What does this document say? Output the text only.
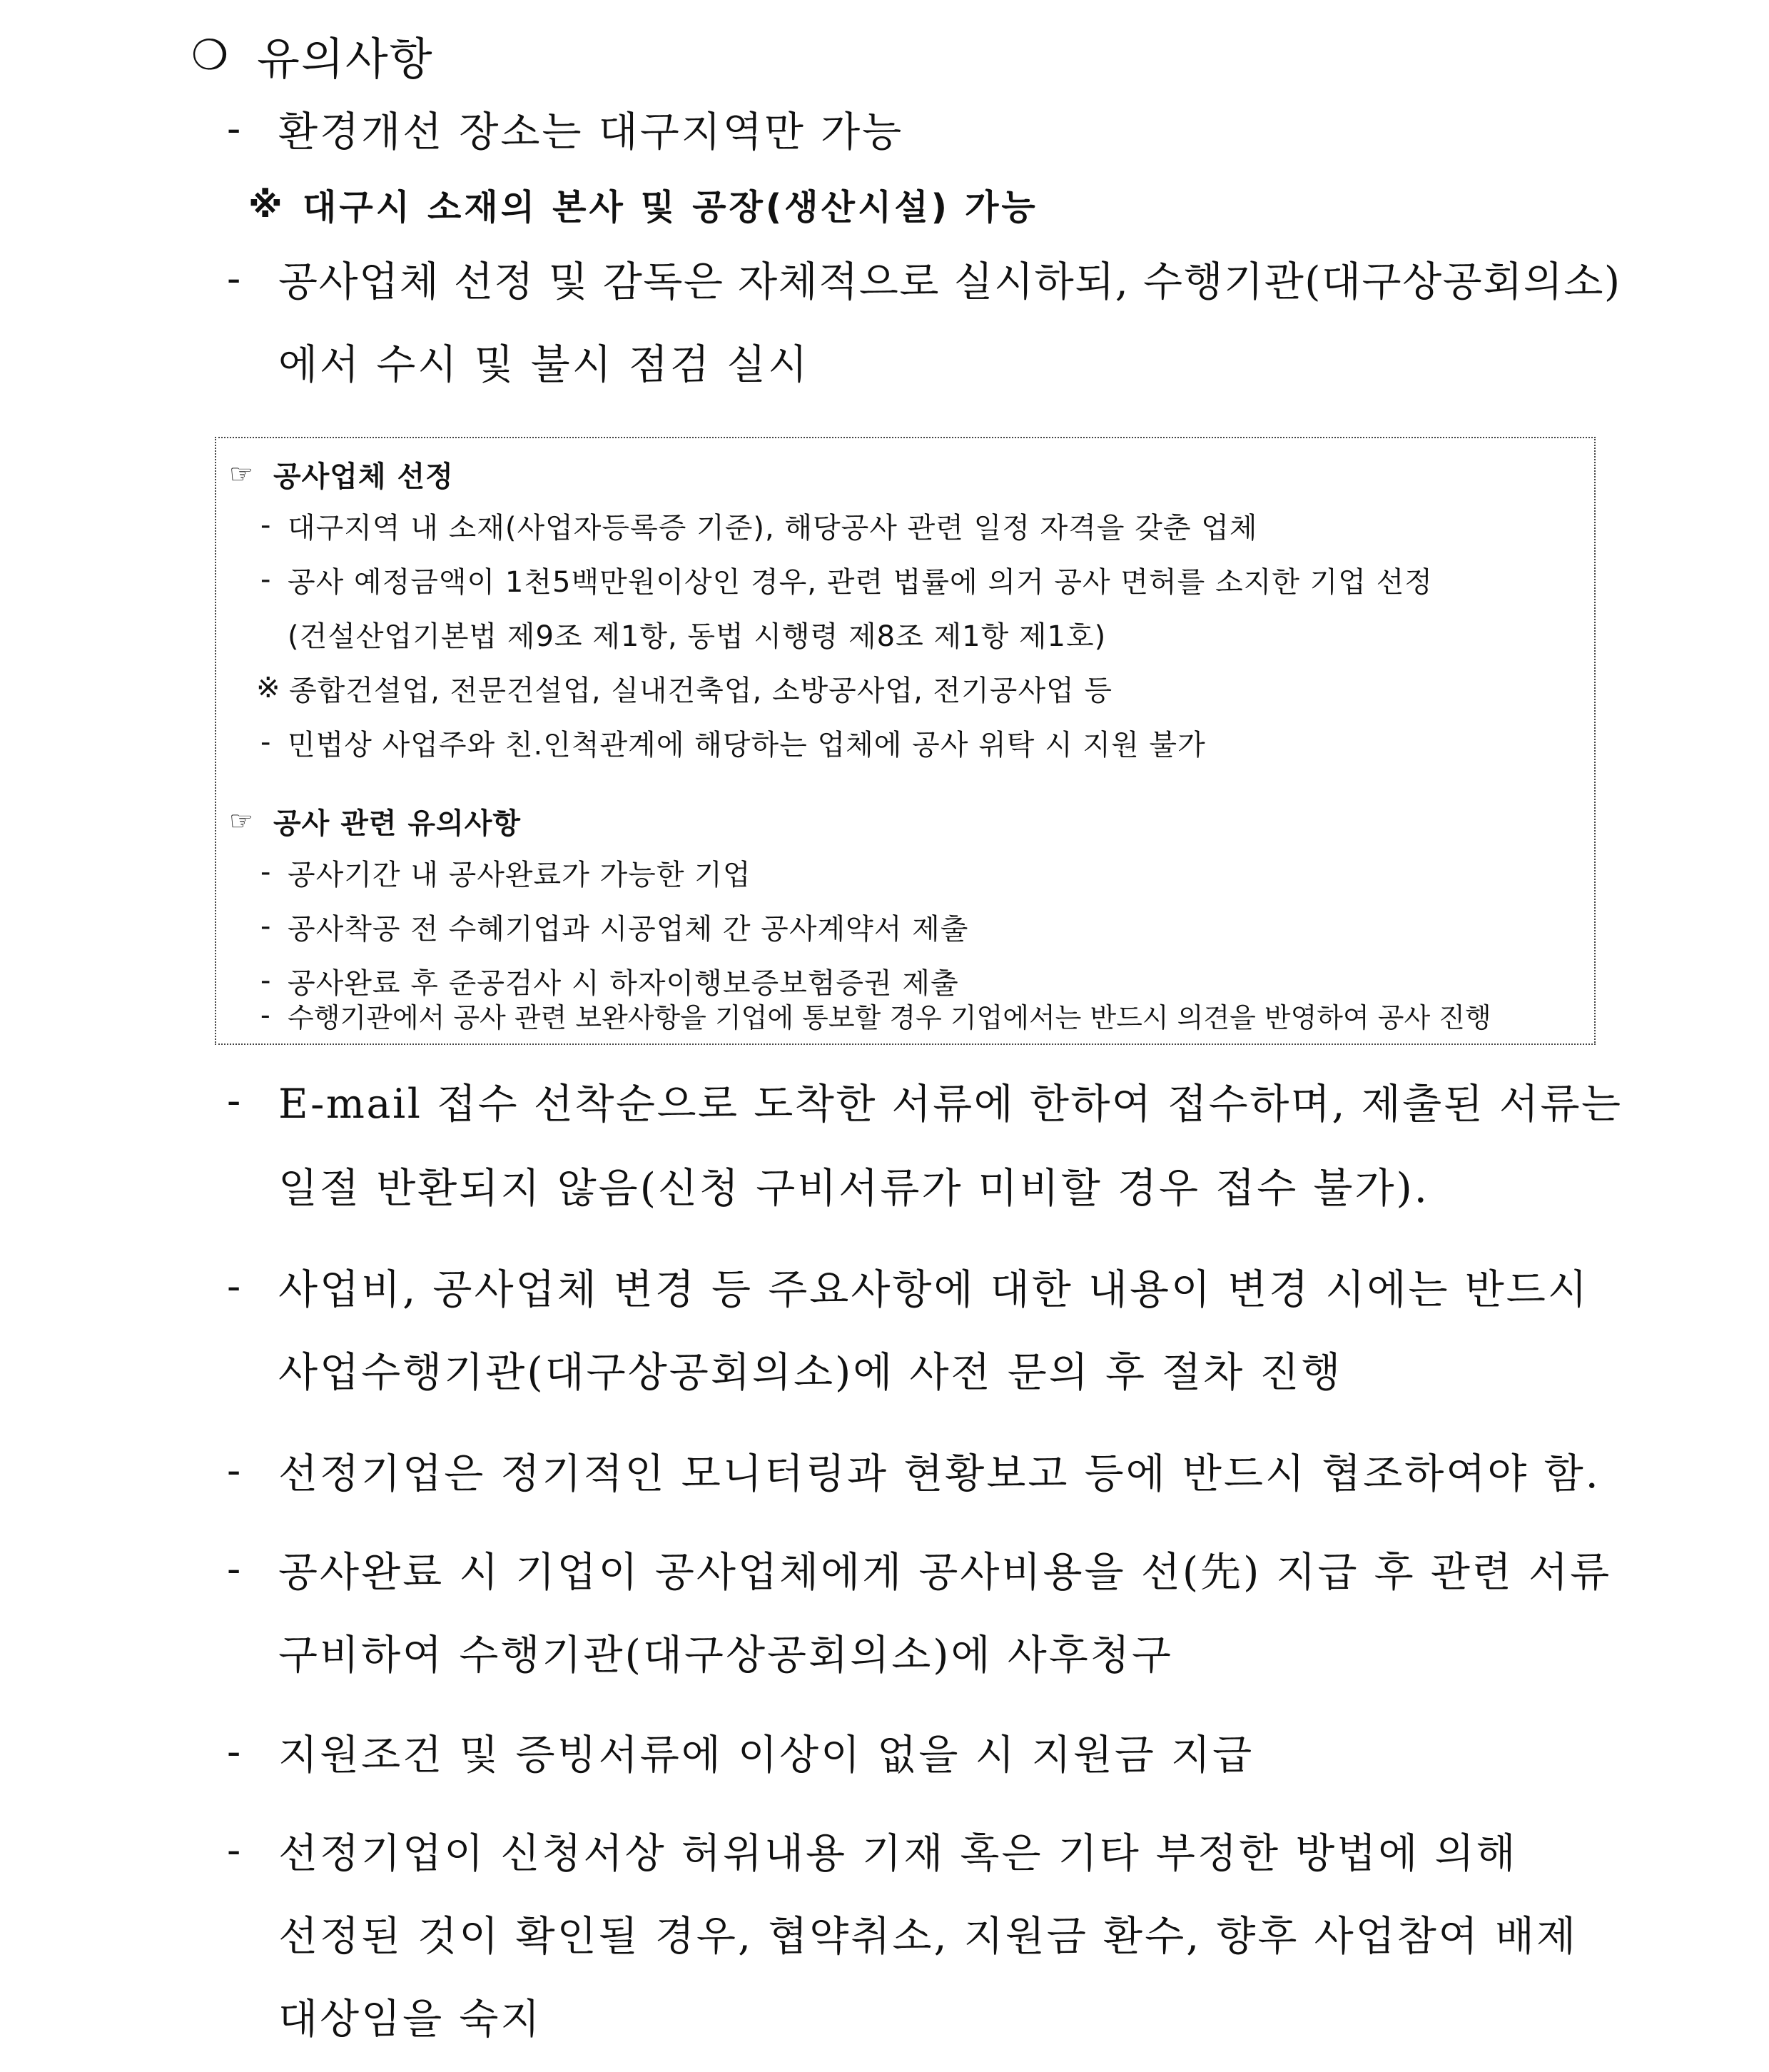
❍ 유의사항
- 환경개선 장소는 대구지역만 가능
※ 대구시 소재의 본사 및 공장(생산시설) 가능
- 공사업체 선정 및 감독은 자체적으로 실시하되, 수행기관(대구상공회의소)
에서 수시 및 불시 점검 실시
☞ 공사업체 선정
- 대구지역 내 소재(사업자등록증 기준), 해당공사 관련 일정 자격을 갖춘 업체
- 공사 예정금액이 1천5백만원이상인 경우, 관련 법률에 의거 공사 면허를 소지한 기업 선정
(건설산업기본법 제9조 제1항, 동법 시행령 제8조 제1항 제1호)
※ 종합건설업, 전문건설업, 실내건축업, 소방공사업, 전기공사업 등
- 민법상 사업주와 친.인척관계에 해당하는 업체에 공사 위탁 시 지원 불가
☞ 공사 관련 유의사항
- 공사기간 내 공사완료가 가능한 기업
- 공사착공 전 수혜기업과 시공업체 간 공사계약서 제출
- 공사완료 후 준공검사 시 하자이행보증보험증권 제출
- 수행기관에서 공사 관련 보완사항을 기업에 통보할 경우 기업에서는 반드시 의견을 반영하여 공사 진행
- E-mail 접수 선착순으로 도착한 서류에 한하여 접수하며, 제출된 서류는
일절 반환되지 않음(신청 구비서류가 미비할 경우 접수 불가).
- 사업비, 공사업체 변경 등 주요사항에 대한 내용이 변경 시에는 반드시
사업수행기관(대구상공회의소)에 사전 문의 후 절차 진행
- 선정기업은 정기적인 모니터링과 현황보고 등에 반드시 협조하여야 함.
- 공사완료 시 기업이 공사업체에게 공사비용을 선(先) 지급 후 관련 서류
구비하여 수행기관(대구상공회의소)에 사후청구
- 지원조건 및 증빙서류에 이상이 없을 시 지원금 지급
- 선정기업이 신청서상 허위내용 기재 혹은 기타 부정한 방법에 의해
선정된 것이 확인될 경우, 협약취소, 지원금 환수, 향후 사업참여 배제
대상임을 숙지
